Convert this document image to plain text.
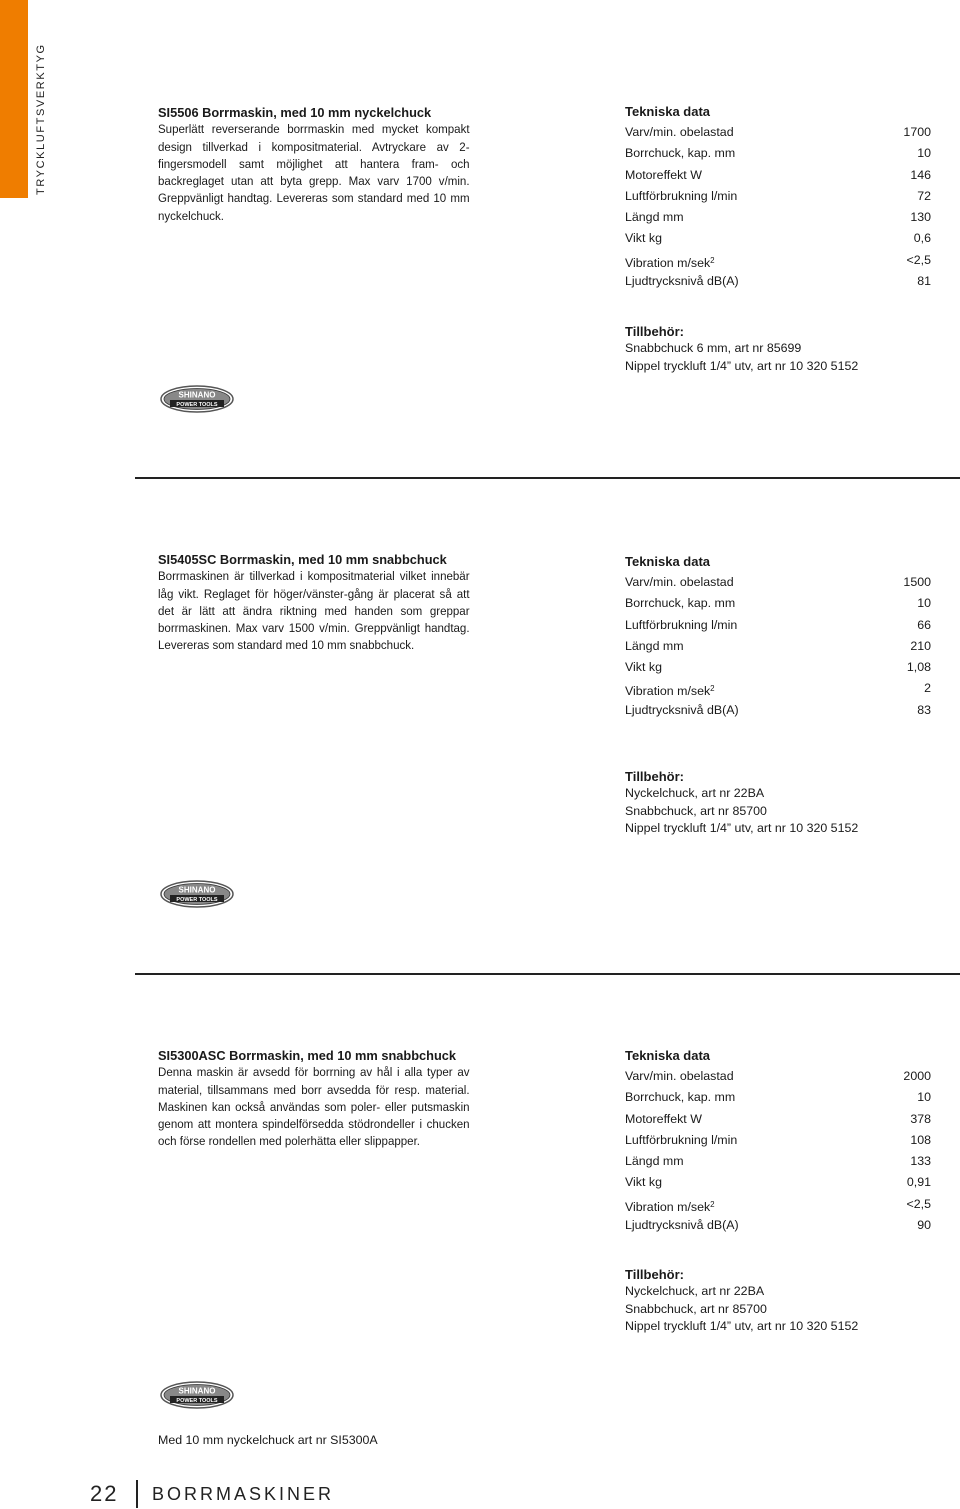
TRYCKLUFTSVERKTYG	SI5506 Borrmaskin, med 10 mm nyckelchuck
Superlätt reverserande borrmaskin med mycket kompakt design tillverkad i kompositmaterial. Avtryckare av 2-fingersmodell samt möjlighet att hantera fram- och backreglaget utan att byta grepp. Max varv 1700 v/min. Greppvänligt handtag. Levereras som standard med 10 mm nyckelchuck.
Tekniska data
Varv/min. obelastad	1700
Borrchuck, kap. mm	10
Motoreffekt W	146
Luftförbrukning l/min	72
Längd mm	130
Vikt kg	0,6
Vibration m/sek$^2$	<2,5
Ljudtrycksnivå dB(A)	81
Tillbehör:
Snabbchuck 6 mm, art nr 85699
Nippel tryckluft 1/4” utv, art nr 10 320 5152
SHINANO
POWER TOOLS
SI5405SC Borrmaskin, med 10 mm snabbchuck
Borrmaskinen är tillverkad i kompositmaterial vilket innebär låg vikt. Reglaget för höger/vänster-gång är placerat så att det är lätt att ändra riktning med handen som greppar borrmaskinen. Max varv 1500 v/min. Greppvänligt handtag. Levereras som standard med 10 mm snabbchuck.
Tekniska data
Varv/min. obelastad	1500
Borrchuck, kap. mm	10
Luftförbrukning l/min	66
Längd mm	210
Vikt kg	1,08
Vibration m/sek$^2$	2
Ljudtrycksnivå dB(A)	83
Tillbehör:
Nyckelchuck, art nr 22BA
Snabbchuck, art nr 85700
Nippel tryckluft 1/4” utv, art nr 10 320 5152
SHINANO
POWER TOOLS
SI5300ASC Borrmaskin, med 10 mm snabbchuck
Denna maskin är avsedd för borrning av hål i alla typer av material, tillsammans med borr avsedda för resp. material. Maskinen kan också användas som poler- eller putsmaskin genom att montera spindelförsedda stödrondeller i chucken och förse rondellen med polerhätta eller slippapper.
Tekniska data
Varv/min. obelastad	2000
Borrchuck, kap. mm	10
Motoreffekt W	378
Luftförbrukning l/min	108
Längd mm	133
Vikt kg	0,91
Vibration m/sek$^2$	<2,5
Ljudtrycksnivå dB(A)	90
Tillbehör:
Nyckelchuck, art nr 22BA
Snabbchuck, art nr 85700
Nippel tryckluft 1/4” utv, art nr 10 320 5152
SHINANO
POWER TOOLS
Med 10 mm nyckelchuck art nr SI5300A
22 BORRMASKINER
